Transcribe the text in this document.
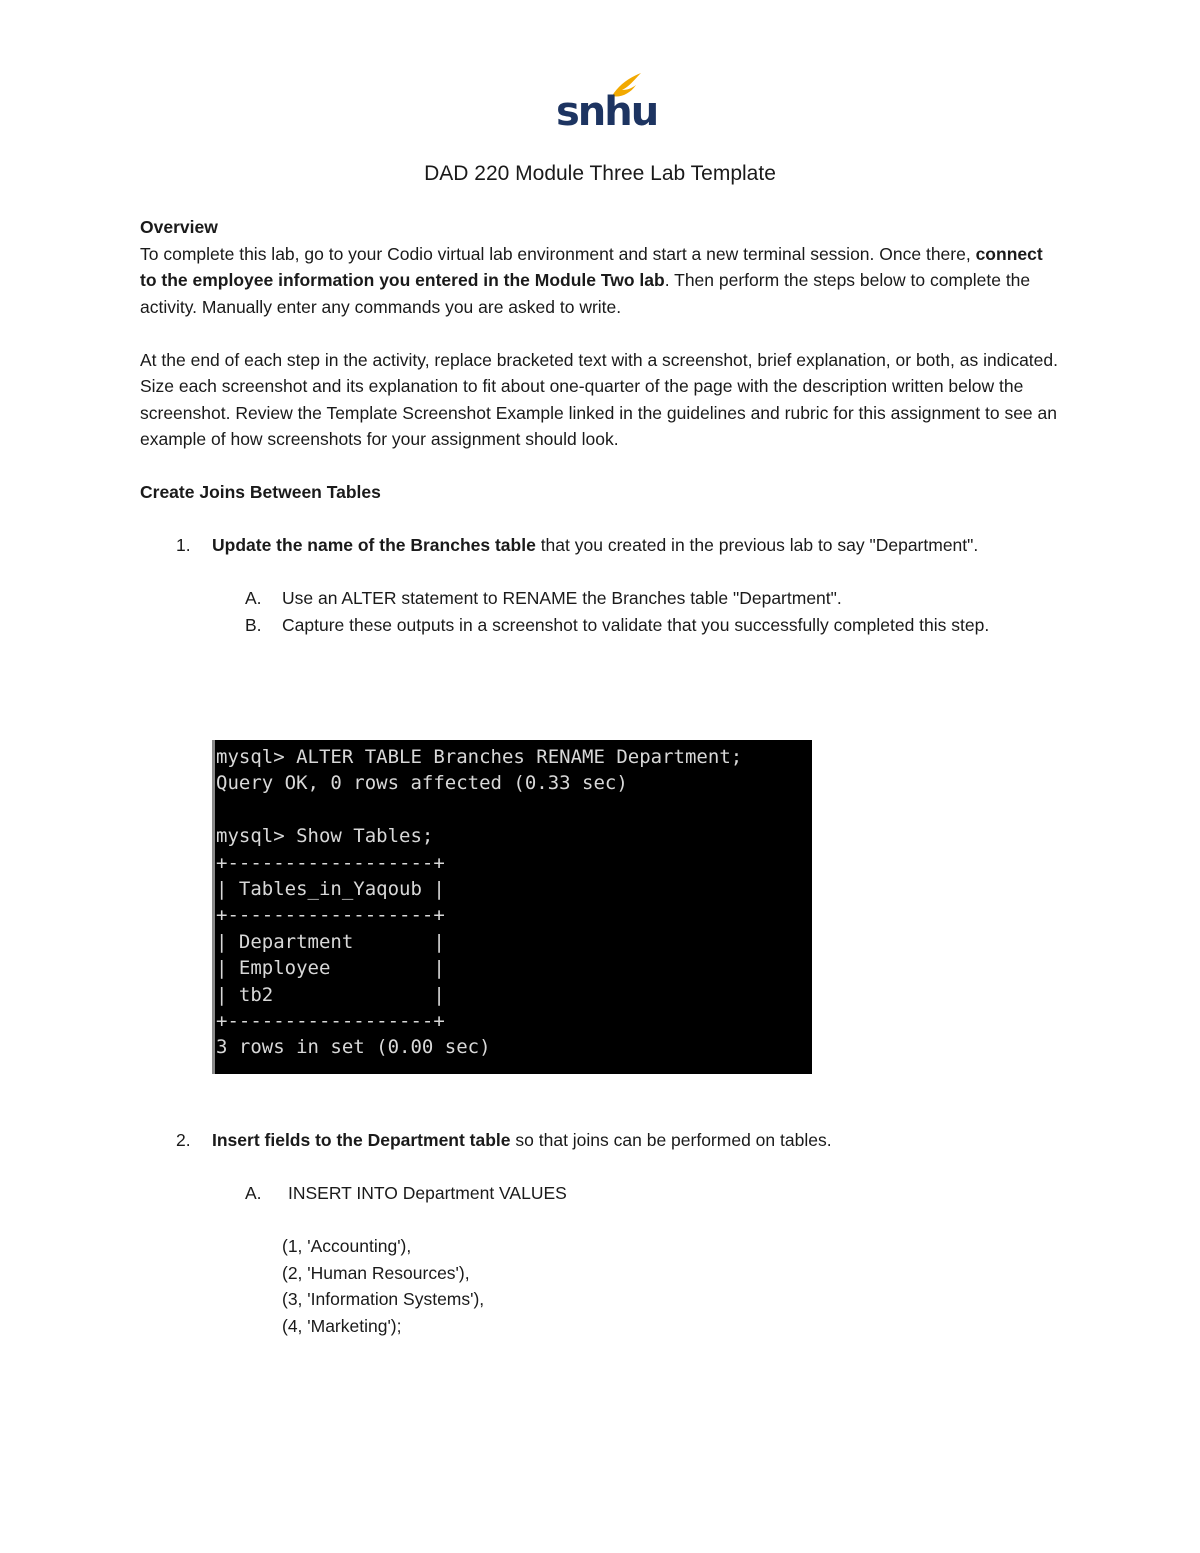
snhu
DAD 220 Module Three Lab Template

Overview

To complete this lab, go to your Codio virtual lab environment and start a new terminal session. Once there, connect to the employee information you entered in the Module Two lab. Then perform the steps below to complete the activity. Manually enter any commands you are asked to write.

At the end of each step in the activity, replace bracketed text with a screenshot, brief explanation, or both, as indicated. Size each screenshot and its explanation to fit about one-quarter of the page with the description written below the screenshot. Review the Template Screenshot Example linked in the guidelines and rubric for this assignment to see an example of how screenshots for your assignment should look.

Create Joins Between Tables

1. Update the name of the Branches table that you created in the previous lab to say "Department".

A. Use an ALTER statement to RENAME the Branches table "Department".

B. Capture these outputs in a screenshot to validate that you successfully completed this step.

mysql> ALTER TABLE Branches RENAME Department;
Query OK, 0 rows affected (0.33 sec)

mysql> Show Tables;
+------------------+
| Tables_in_Yaqoub |
+------------------+
| Department       |
| Employee         |
| tb2              |
+------------------+
3 rows in set (0.00 sec)
2. Insert fields to the Department table so that joins can be performed on tables.

A.	INSERT INTO Department VALUES

(1, 'Accounting'),

(2, 'Human Resources'),

(3, 'Information Systems'),

(4, 'Marketing');
